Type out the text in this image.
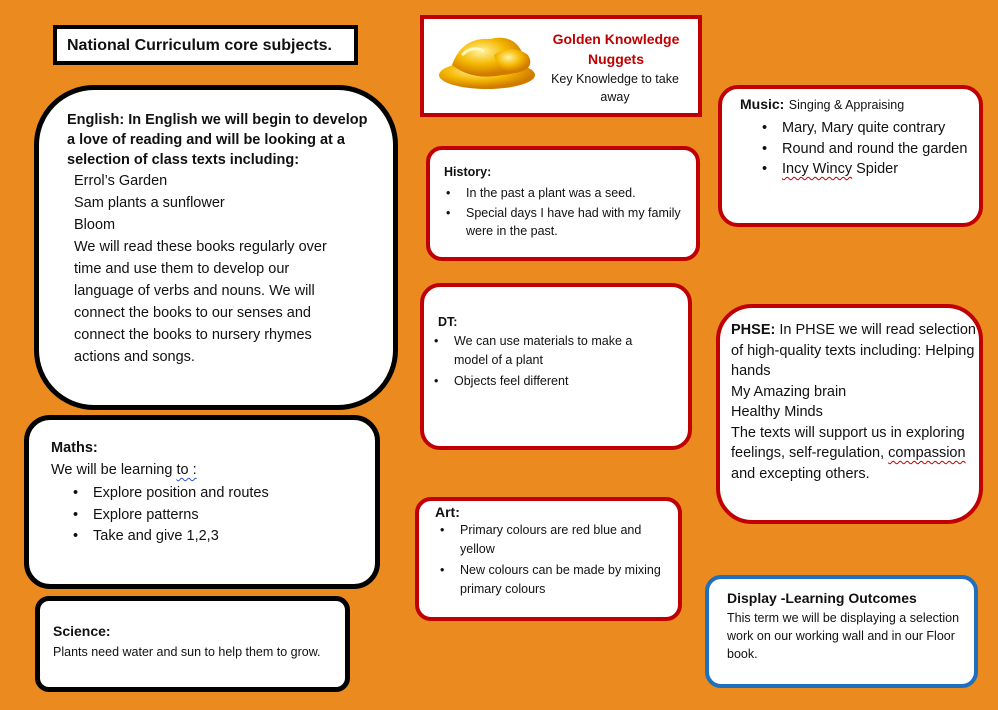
National Curriculum core subjects.	Golden Knowledge
Nuggets
Key Knowledge to take away
English: In English we will begin to develop a love of reading and will be looking at a selection of class texts including:
Errol’s Garden
Sam plants a sunflower
Bloom
We will read these books regularly over
time and use them to develop our
language of verbs and nouns. We will
connect the books to our senses and
connect the books to nursery rhymes
actions and songs.
Maths:
We will be learning to :
• Explore position and routes
• Explore patterns
• Take and give 1,2,3
Science:
Plants need water and sun to help them to grow.
History:
• In the past a plant was a seed.
• Special days I have had with my family were in the past.
DT:
• We can use materials to make a model of a plant
• Objects feel different
Art:
• Primary colours are red blue and yellow
• New colours can be made by mixing primary colours
Music: Singing & Appraising
• Mary, Mary quite contrary
• Round and round the garden
• Incy Wincy Spider
PHSE: In PHSE we will read selection of high-quality texts including: Helping hands
My Amazing brain
Healthy Minds
The texts will support us in exploring feelings, self-regulation, compassion and excepting others.
Display -Learning Outcomes
This term we will be displaying a selection work on our working wall and in our Floor book.
